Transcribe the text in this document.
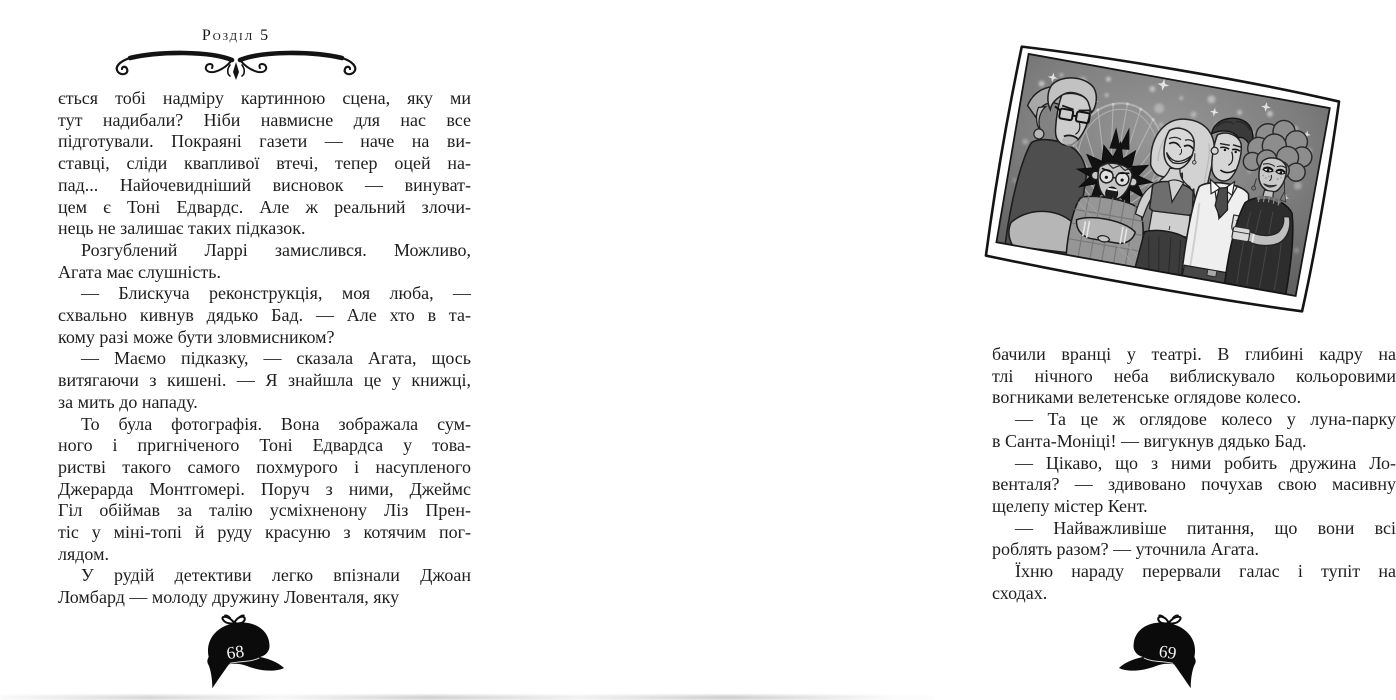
Розділ 5
ється тобі надміру картинною сцена, яку ми
тут надибали? Ніби навмисне для нас все
підготували. Покраяні газети — наче на ви-
ставці, сліди квапливої втечі, тепер оцей на-
пад... Найочевидніший висновок — винуват-
цем є Тоні Едвардс. Але ж реальний злочи-
нець не залишає таких підказок.
Розгублений Ларрі замислився. Можливо,
Агата має слушність.
— Блискуча реконструкція, моя люба, —
схвально кивнув дядько Бад. — Але хто в та-
кому разі може бути зловмисником?
— Маємо підказку, — сказала Агата, щось
витягаючи з кишені. — Я знайшла це у книжці,
за мить до нападу.
То була фотографія. Вона зображала сум-
ного і пригніченого Тоні Едвардса у това-
ристві такого самого похмурого і насупленого
Джерарда Монтгомері. Поруч з ними, Джеймс
Гіл обіймав за талію усміхненону Ліз Прен-
тіс у міні-топі й руду красуню з котячим пог-
лядом.
У рудій детективи легко впізнали Джоан
Ломбард — молоду дружину Ловенталя, яку
68
бачили вранці у театрі. В глибині кадру на
тлі нічного неба виблискувало кольоровими
вогниками велетенське оглядове колесо.
— Та це ж оглядове колесо у луна-парку
в Санта-Моніці! — вигукнув дядько Бад.
— Цікаво, що з ними робить дружина Ло-
венталя? — здивовано почухав свою масивну
щелепу містер Кент.
— Найважливіше питання, що вони всі
роблять разом? — уточнила Агата.
Їхню нараду перервали галас і тупіт на
сходах.
69
